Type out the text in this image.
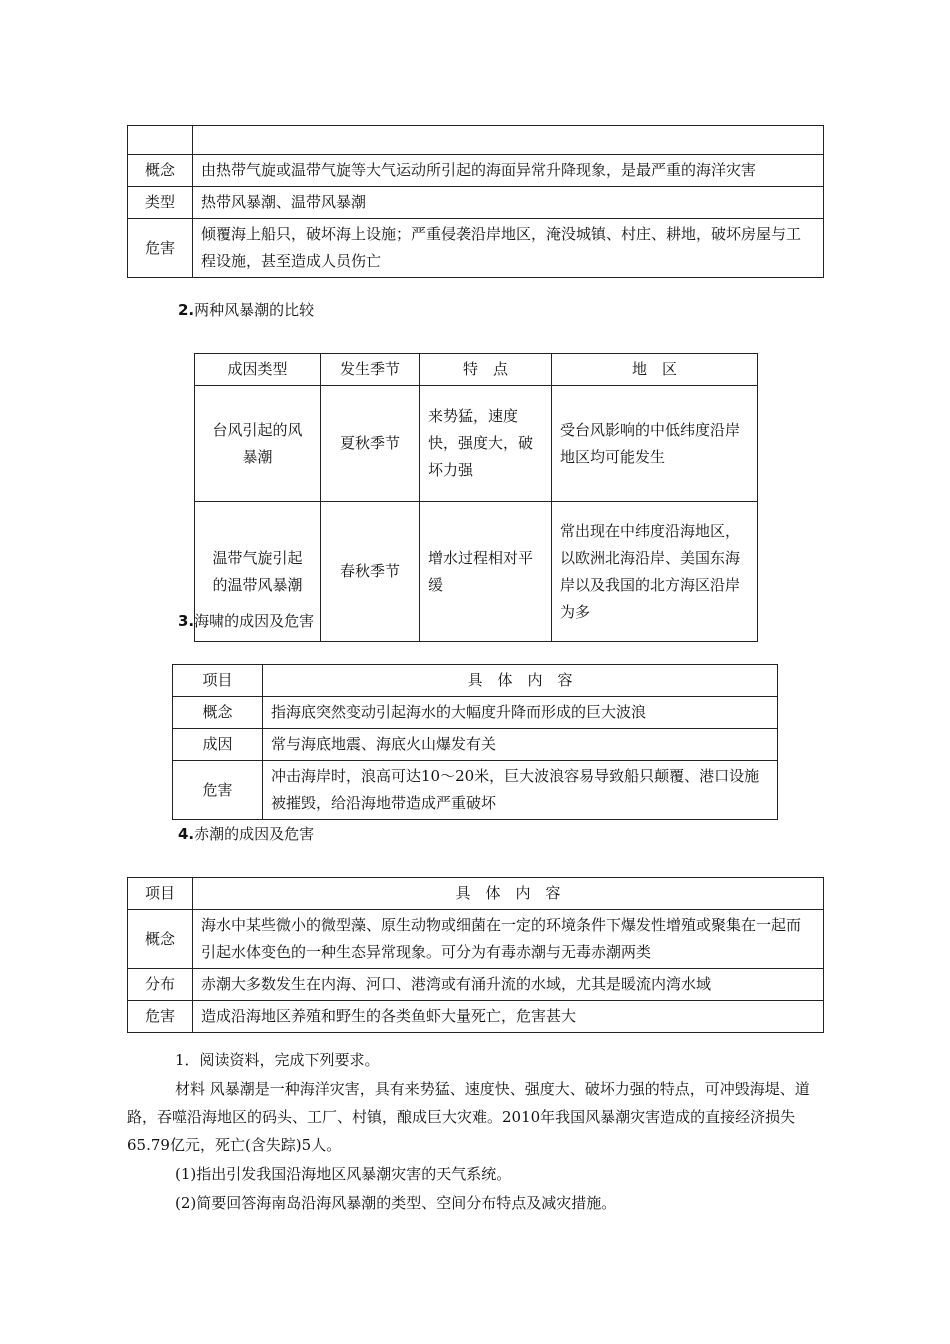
概念	由热带气旋或温带气旋等大气运动所引起的海面异常升降现象，是最严重的海洋灾害
类型	热带风暴潮、温带风暴潮
危害	倾覆海上船只，破坏海上设施；严重侵袭沿岸地区，淹没城镇、村庄、耕地，破坏房屋与工程设施，甚至造成人员伤亡
2.两种风暴潮的比较
成因类型	发生季节	特　点	地　区
台风引起的风暴潮	夏秋季节	来势猛，速度快，强度大，破坏力强	受台风影响的中低纬度沿岸地区均可能发生
温带气旋引起的温带风暴潮	春秋季节	增水过程相对平缓	常出现在中纬度沿海地区，以欧洲北海沿岸、美国东海岸以及我国的北方海区沿岸为多
3.海啸的成因及危害
项目	具　体　内　容
概念	指海底突然变动引起海水的大幅度升降而形成的巨大波浪
成因	常与海底地震、海底火山爆发有关
危害	冲击海岸时，浪高可达10～20米，巨大波浪容易导致船只颠覆、港口设施被摧毁，给沿海地带造成严重破坏
4.赤潮的成因及危害
项目	具　体　内　容
概念	海水中某些微小的微型藻、原生动物或细菌在一定的环境条件下爆发性增殖或聚集在一起而引起水体变色的一种生态异常现象。可分为有毒赤潮与无毒赤潮两类
分布	赤潮大多数发生在内海、河口、港湾或有涌升流的水域，尤其是暖流内湾水域
危害	造成沿海地区养殖和野生的各类鱼虾大量死亡，危害甚大
1．阅读资料，完成下列要求。
材料 风暴潮是一种海洋灾害，具有来势猛、速度快、强度大、破坏力强的特点，可冲毁海堤、道路，吞噬沿海地区的码头、工厂、村镇，酿成巨大灾难。2010年我国风暴潮灾害造成的直接经济损失65.79亿元，死亡(含失踪)5人。
(1)指出引发我国沿海地区风暴潮灾害的天气系统。
(2)简要回答海南岛沿海风暴潮的类型、空间分布特点及减灾措施。
